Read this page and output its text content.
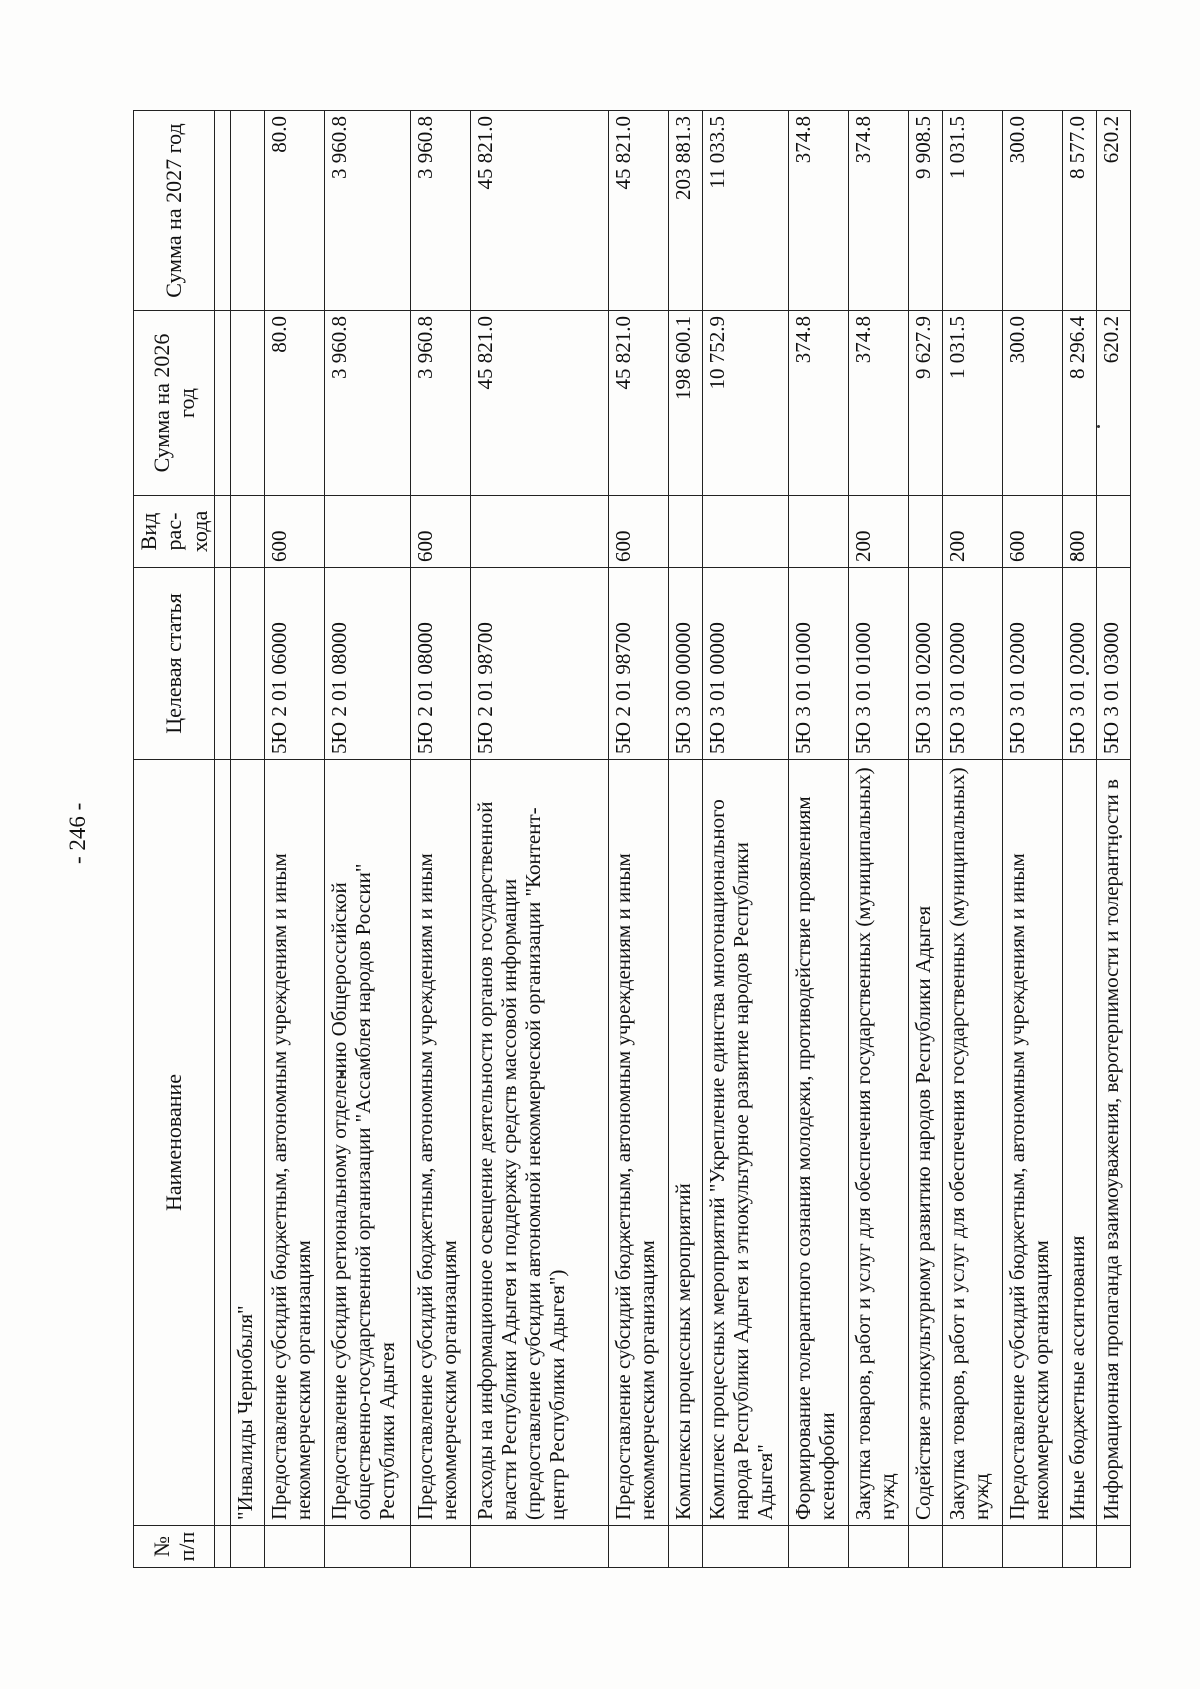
- 246 -
№ п/п	Наименование	Целевая статья	Вид рас- хода	Сумма на 2026 год	Сумма на 2027 год

	"Инвалиды Чернобыля"				
	Предоставление субсидий бюджетным, автономным учреждениям и иным некоммерческим организациям	5Ю 2 01 06000	600	80.0	80.0
	Предоставление субсидии региональному отделению Общероссийской общественно-государственной организации "Ассамблея народов России" Республики Адыгея	5Ю 2 01 08000		3 960.8	3 960.8
	Предоставление субсидий бюджетным, автономным учреждениям и иным некоммерческим организациям	5Ю 2 01 08000	600	3 960.8	3 960.8
	Расходы на информационное освещение деятельности органов государственной власти Республики Адыгея и поддержку средств массовой информации (предоставление субсидии автономной некоммерческой организации "Контент-центр Республики Адыгея")	5Ю 2 01 98700		45 821.0	45 821.0
	Предоставление субсидий бюджетным, автономным учреждениям и иным некоммерческим организациям	5Ю 2 01 98700	600	45 821.0	45 821.0
	Комплексы процессных мероприятий	5Ю 3 00 00000		198 600.1	203 881.3
	Комплекс процессных мероприятий "Укрепление единства многонационального народа Республики Адыгея и этнокультурное развитие народов Республики Адыгея"	5Ю 3 01 00000		10 752.9	11 033.5
	Формирование толерантного сознания молодежи, противодействие проявлениям ксенофобии	5Ю 3 01 01000		374.8	374.8
	Закупка товаров, работ и услуг для обеспечения государственных (муниципальных) нужд	5Ю 3 01 01000	200	374.8	374.8
	Содействие этнокультурному развитию народов Республики Адыгея	5Ю 3 01 02000		9 627.9	9 908.5
	Закупка товаров, работ и услуг для обеспечения государственных (муниципальных) нужд	5Ю 3 01 02000	200	1 031.5	1 031.5
	Предоставление субсидий бюджетным, автономным учреждениям и иным некоммерческим организациям	5Ю 3 01 02000	600	300.0	300.0
	Иные бюджетные ассигнования	5Ю 3 01 02000	800	8 296.4	8 577.0
	Информационная пропаганда взаимоуважения, веротерпимости и толерантности в	5Ю 3 01 03000		620.2	620.2
